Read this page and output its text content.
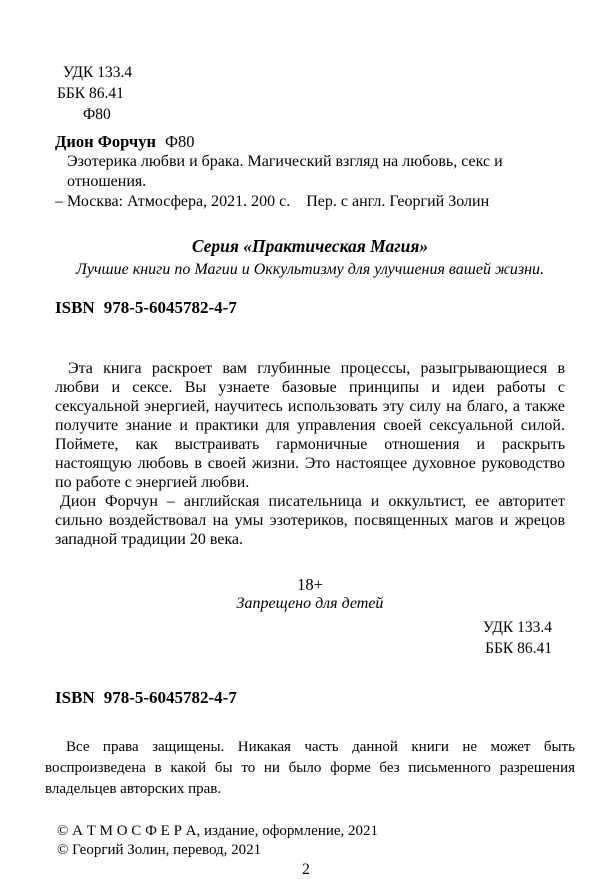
УДК 133.4
ББК 86.41
Ф80
Дион Форчун Ф80
Эзотерика любви и брака. Магический взгляд на любовь, секс и отношения.
– Москва: Атмосфера, 2021. 200 с. Пер. с англ. Георгий Золин
Серия «Практическая Магия»
Лучшие книги по Магии и Оккультизму для улучшения вашей жизни.
ISBN 978-5-6045782-4-7

Эта книга раскроет вам глубинные процессы, разыгрывающиеся в любви и сексе. Вы узнаете базовые принципы и идеи работы с сексуальной энергией, научитесь использовать эту силу на благо, а также получите знание и практики для управления своей сексуальной силой. Поймете, как выстраивать гармоничные отношения и раскрыть настоящую любовь в своей жизни. Это настоящее духовное руководство по работе с энергией любви.

Дион Форчун – английская писательница и оккультист, ее авторитет сильно воздействовал на умы эзотериков, посвященных магов и жрецов западной традиции 20 века.

18+
Запрещено для детей
УДК 133.4
ББК 86.41
ISBN 978-5-6045782-4-7
Все права защищены. Никакая часть данной книги не может быть воспроизведена в какой бы то ни было форме без письменного разрешения владельцев авторских прав.
© А Т М О С Ф Е Р А, издание, оформление, 2021
© Георгий Золин, перевод, 2021
2
